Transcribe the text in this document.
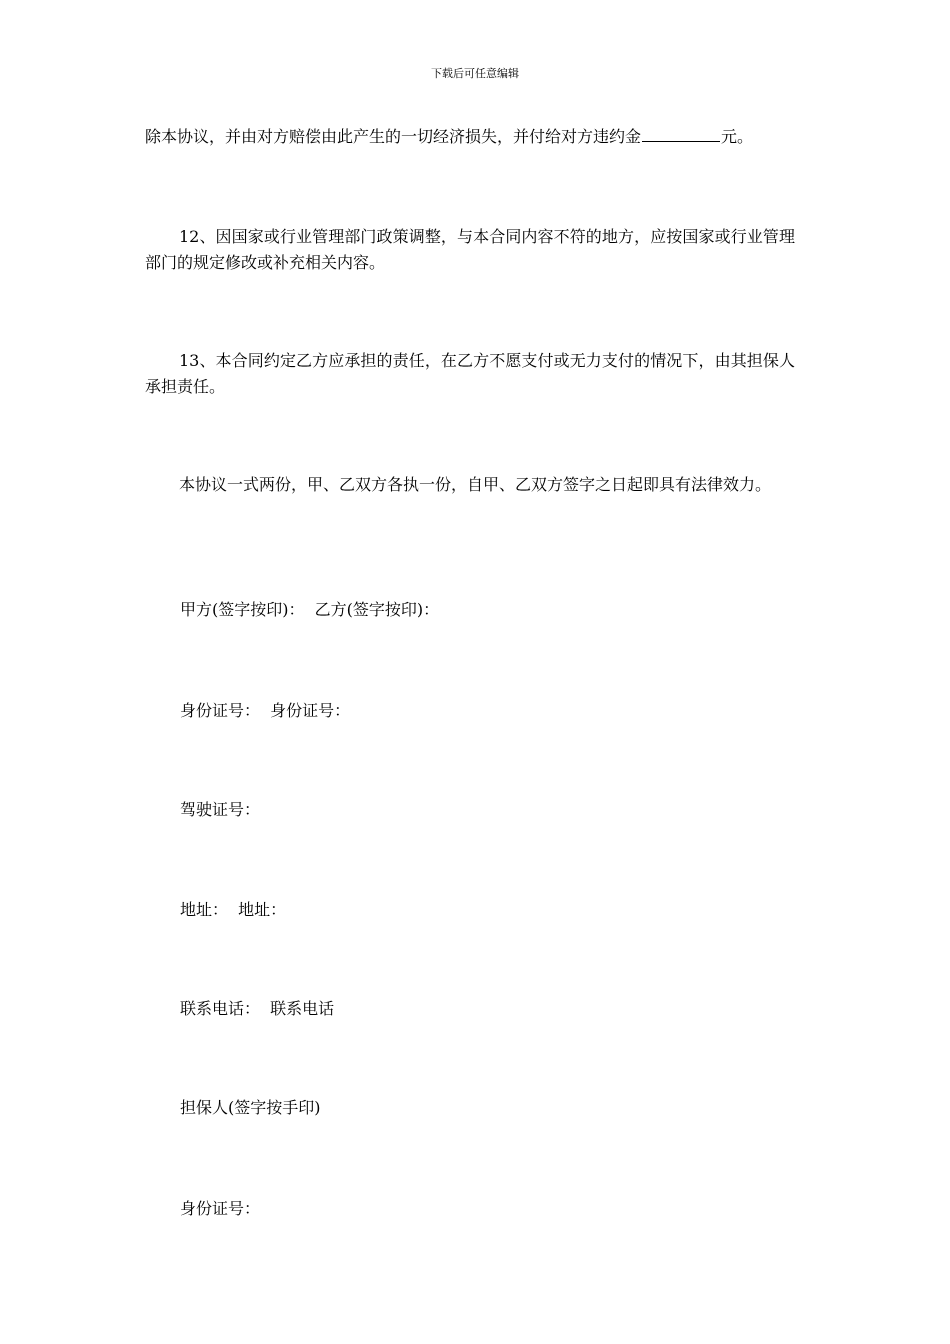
下载后可任意编辑

除本协议，并由对方赔偿由此产生的一切经济损失，并付给对方违约金	元。

12、因国家或行业管理部门政策调整，与本合同内容不符的地方，应按国家或行业管理部门的规定修改或补充相关内容。

13、本合同约定乙方应承担的责任，在乙方不愿支付或无力支付的情况下，由其担保人承担责任。

本协议一式两份，甲、乙双方各执一份，自甲、乙双方签字之日起即具有法律效力。

甲方(签字按印)：  乙方(签字按印)：
身份证号：  身份证号：
驾驶证号：
地址：  地址：
联系电话：  联系电话
担保人(签字按手印)
身份证号：
